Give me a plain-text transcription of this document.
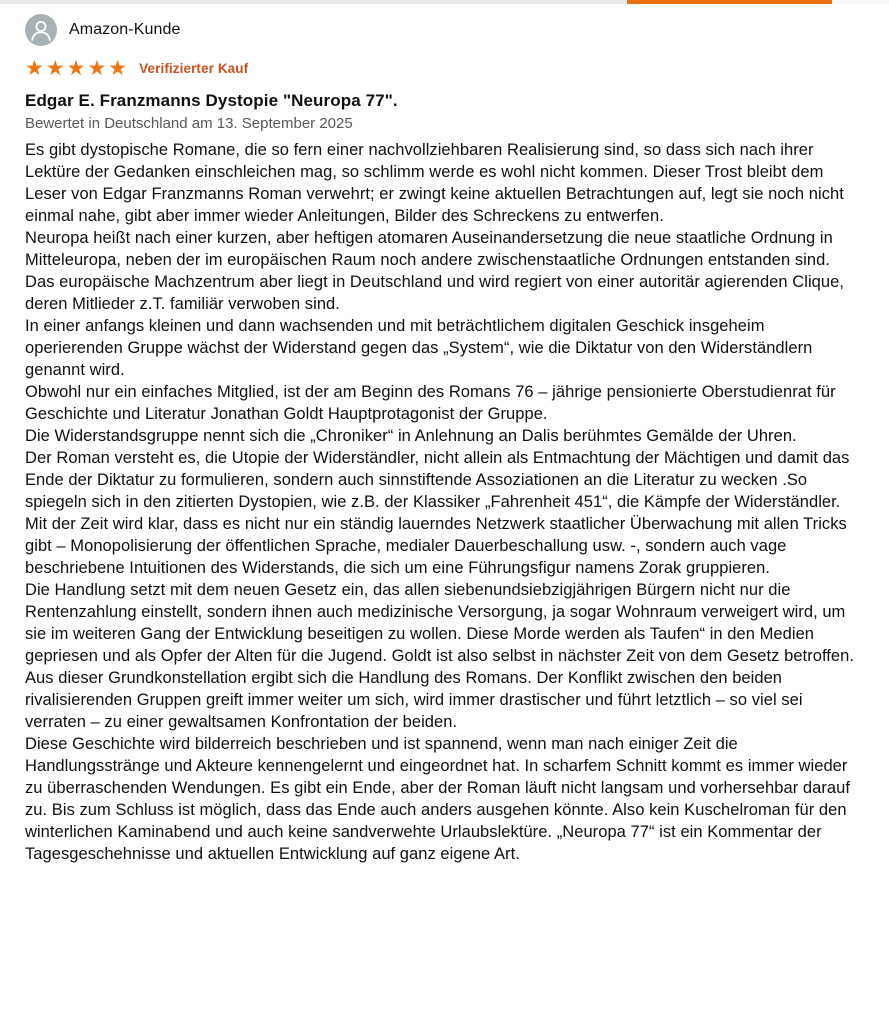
Amazon-Kunde
★★★★★ Verifizierter Kauf
Edgar E. Franzmanns Dystopie "Neuropa 77".
Bewertet in Deutschland am 13. September 2025
Es gibt dystopische Romane, die so fern einer nachvollziehbaren Realisierung sind, so dass sich nach ihrer Lektüre der Gedanken einschleichen mag, so schlimm werde es wohl nicht kommen. Dieser Trost bleibt dem Leser von Edgar Franzmanns Roman verwehrt; er zwingt keine aktuellen Betrachtungen auf, legt sie noch nicht einmal nahe, gibt aber immer wieder Anleitungen, Bilder des Schreckens zu entwerfen.
Neuropa heißt nach einer kurzen, aber heftigen atomaren Auseinandersetzung die neue staatliche Ordnung in Mitteleuropa, neben der im europäischen Raum noch andere zwischenstaatliche Ordnungen entstanden sind. Das europäische Machzentrum aber liegt in Deutschland und wird regiert von einer autoritär agierenden Clique, deren Mitlieder z.T. familiär verwoben sind.
In einer anfangs kleinen und dann wachsenden und mit beträchtlichem digitalen Geschick insgeheim operierenden Gruppe wächst der Widerstand gegen das „System“, wie die Diktatur von den Widerständlern genannt wird.
Obwohl nur ein einfaches Mitglied, ist der am Beginn des Romans 76 – jährige pensionierte Oberstudienrat für Geschichte und Literatur Jonathan Goldt Hauptprotagonist der Gruppe.
Die Widerstandsgruppe nennt sich die „Chroniker“ in Anlehnung an Dalis berühmtes Gemälde der Uhren.
Der Roman versteht es, die Utopie der Widerständler, nicht allein als Entmachtung der Mächtigen und damit das Ende der Diktatur zu formulieren, sondern auch sinnstiftende Assoziationen an die Literatur zu wecken .So spiegeln sich in den zitierten Dystopien, wie z.B. der Klassiker „Fahrenheit 451“, die Kämpfe der Widerständler. Mit der Zeit wird klar, dass es nicht nur ein ständig lauerndes Netzwerk staatlicher Überwachung mit allen Tricks gibt – Monopolisierung der öffentlichen Sprache, medialer Dauerbeschallung usw. -, sondern auch vage beschriebene Intuitionen des Widerstands, die sich um eine Führungsfigur namens Zorak gruppieren.
Die Handlung setzt mit dem neuen Gesetz ein, das allen siebenundsiebzigjährigen Bürgern nicht nur die Rentenzahlung einstellt, sondern ihnen auch medizinische Versorgung, ja sogar Wohnraum verweigert wird, um sie im weiteren Gang der Entwicklung beseitigen zu wollen. Diese Morde werden als Taufen“ in den Medien gepriesen und als Opfer der Alten für die Jugend. Goldt ist also selbst in nächster Zeit von dem Gesetz betroffen.
Aus dieser Grundkonstellation ergibt sich die Handlung des Romans. Der Konflikt zwischen den beiden rivalisierenden Gruppen greift immer weiter um sich, wird immer drastischer und führt letztlich – so viel sei verraten – zu einer gewaltsamen Konfrontation der beiden.
Diese Geschichte wird bilderreich beschrieben und ist spannend, wenn man nach einiger Zeit die Handlungsstränge und Akteure kennengelernt und eingeordnet hat. In scharfem Schnitt kommt es immer wieder zu überraschenden Wendungen. Es gibt ein Ende, aber der Roman läuft nicht langsam und vorhersehbar darauf zu. Bis zum Schluss ist möglich, dass das Ende auch anders ausgehen könnte. Also kein Kuschelroman für den winterlichen Kaminabend und auch keine sandverwehte Urlaubslektüre. „Neuropa 77“ ist ein Kommentar der Tagesgeschehnisse und aktuellen Entwicklung auf ganz eigene Art.
